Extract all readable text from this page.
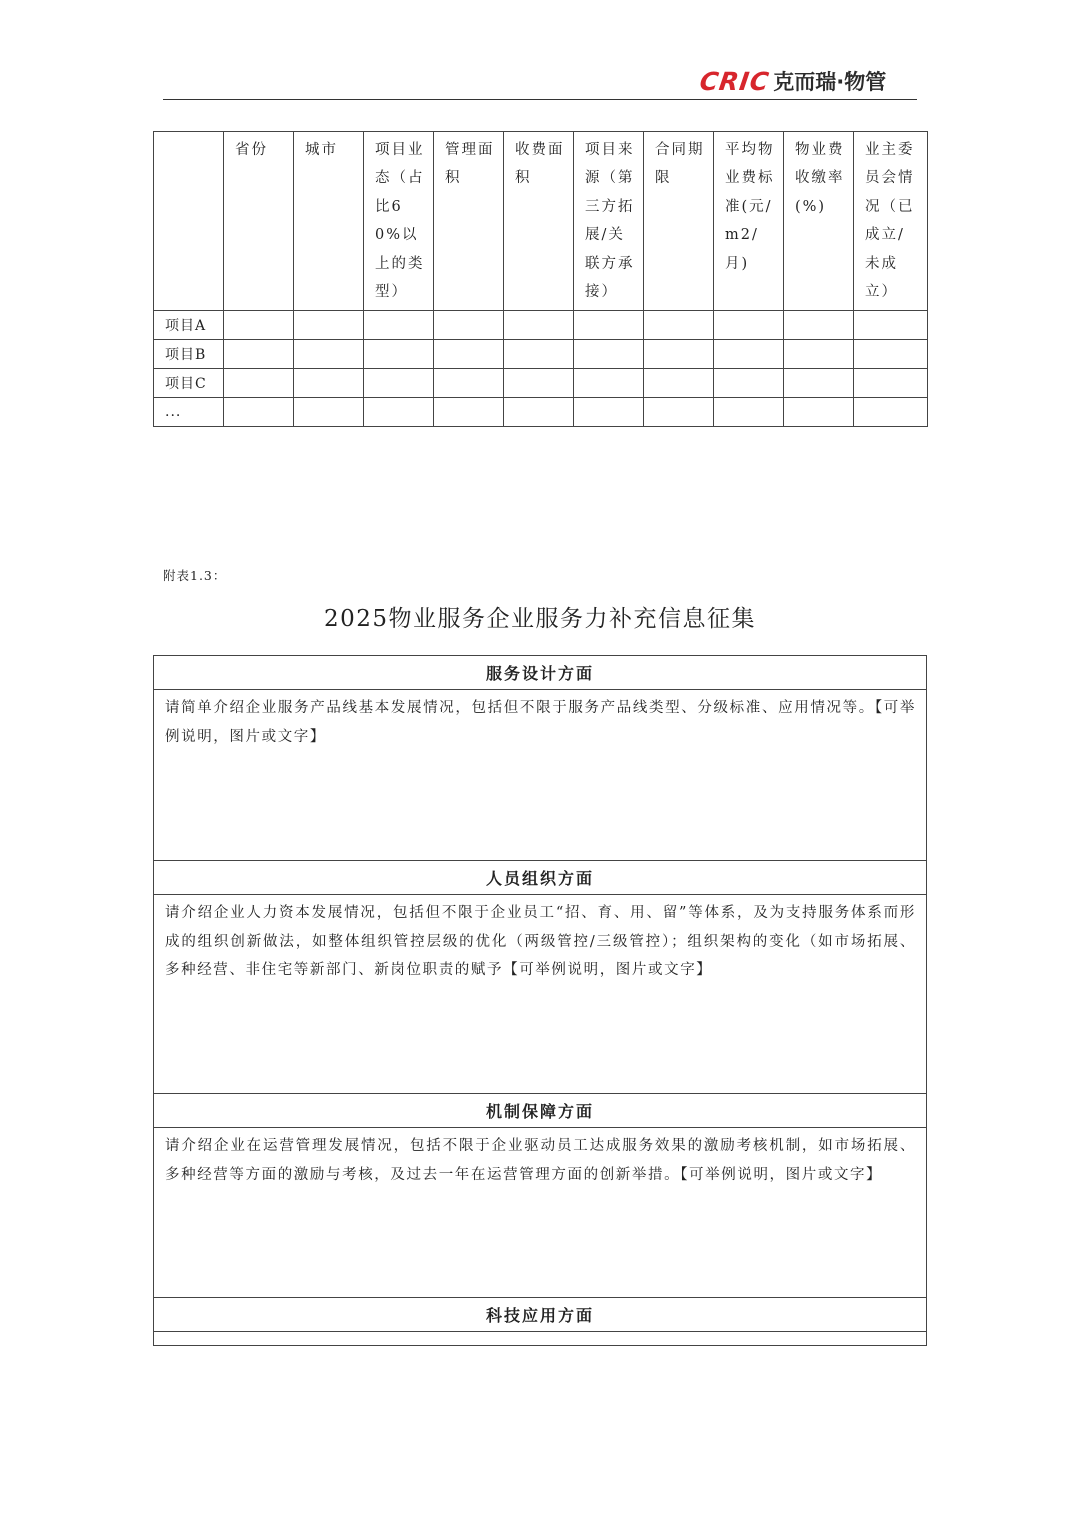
CRIC 克而瑞·物管
	省份	城市	项目业态（占比60%以上的类型）	管理面积	收费面积	项目来源（第三方拓展/关联方承接）	合同期限	平均物业费标准(元/m2/月)	物业费收缴率(%)	业主委员会情况（已成立/未成立）
项目A										
项目B										
项目C										
...										
附表1.3：
2025物业服务企业服务力补充信息征集
服务设计方面
请简单介绍企业服务产品线基本发展情况，包括但不限于服务产品线类型、分级标准、应用情况等。【可举例说明，图片或文字】
人员组织方面
请介绍企业人力资本发展情况，包括但不限于企业员工“招、育、用、留”等体系，及为支持服务体系而形成的组织创新做法，如整体组织管控层级的优化（两级管控/三级管控）；组织架构的变化（如市场拓展、多种经营、非住宅等新部门、新岗位职责的赋予【可举例说明，图片或文字】
机制保障方面
请介绍企业在运营管理发展情况，包括不限于企业驱动员工达成服务效果的激励考核机制，如市场拓展、多种经营等方面的激励与考核，及过去一年在运营管理方面的创新举措。【可举例说明，图片或文字】
科技应用方面
